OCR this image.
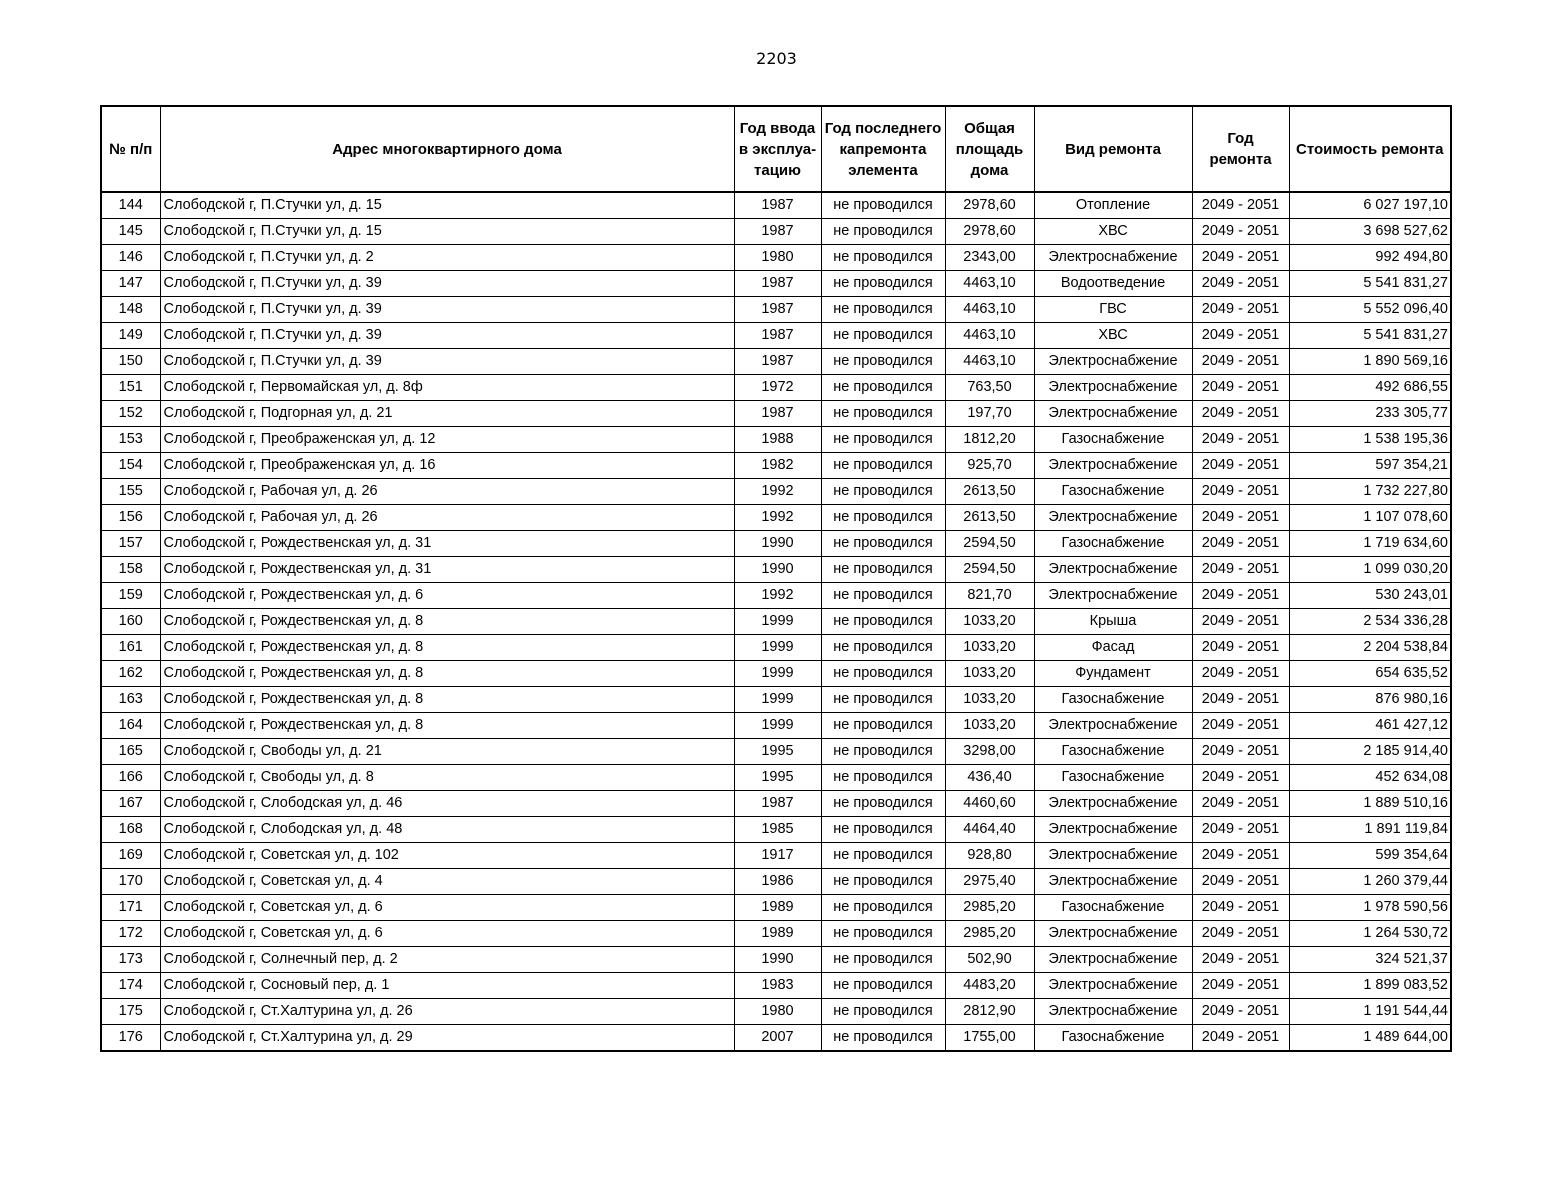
2203
№ п/п	Адрес многоквартирного дома	Год ввода в эксплуа-тацию	Год последнего капремонта элемента	Общая площадь дома	Вид ремонта	Год ремонта	Стоимость ремонта
144	Слободской г, П.Стучки ул, д. 15	1987	не проводился	2978,60	Отопление	2049 - 2051	6 027 197,10
145	Слободской г, П.Стучки ул, д. 15	1987	не проводился	2978,60	ХВС	2049 - 2051	3 698 527,62
146	Слободской г, П.Стучки ул, д. 2	1980	не проводился	2343,00	Электроснабжение	2049 - 2051	992 494,80
147	Слободской г, П.Стучки ул, д. 39	1987	не проводился	4463,10	Водоотведение	2049 - 2051	5 541 831,27
148	Слободской г, П.Стучки ул, д. 39	1987	не проводился	4463,10	ГВС	2049 - 2051	5 552 096,40
149	Слободской г, П.Стучки ул, д. 39	1987	не проводился	4463,10	ХВС	2049 - 2051	5 541 831,27
150	Слободской г, П.Стучки ул, д. 39	1987	не проводился	4463,10	Электроснабжение	2049 - 2051	1 890 569,16
151	Слободской г, Первомайская ул, д. 8ф	1972	не проводился	763,50	Электроснабжение	2049 - 2051	492 686,55
152	Слободской г, Подгорная ул, д. 21	1987	не проводился	197,70	Электроснабжение	2049 - 2051	233 305,77
153	Слободской г, Преображенская ул, д. 12	1988	не проводился	1812,20	Газоснабжение	2049 - 2051	1 538 195,36
154	Слободской г, Преображенская ул, д. 16	1982	не проводился	925,70	Электроснабжение	2049 - 2051	597 354,21
155	Слободской г, Рабочая ул, д. 26	1992	не проводился	2613,50	Газоснабжение	2049 - 2051	1 732 227,80
156	Слободской г, Рабочая ул, д. 26	1992	не проводился	2613,50	Электроснабжение	2049 - 2051	1 107 078,60
157	Слободской г, Рождественская ул, д. 31	1990	не проводился	2594,50	Газоснабжение	2049 - 2051	1 719 634,60
158	Слободской г, Рождественская ул, д. 31	1990	не проводился	2594,50	Электроснабжение	2049 - 2051	1 099 030,20
159	Слободской г, Рождественская ул, д. 6	1992	не проводился	821,70	Электроснабжение	2049 - 2051	530 243,01
160	Слободской г, Рождественская ул, д. 8	1999	не проводился	1033,20	Крыша	2049 - 2051	2 534 336,28
161	Слободской г, Рождественская ул, д. 8	1999	не проводился	1033,20	Фасад	2049 - 2051	2 204 538,84
162	Слободской г, Рождественская ул, д. 8	1999	не проводился	1033,20	Фундамент	2049 - 2051	654 635,52
163	Слободской г, Рождественская ул, д. 8	1999	не проводился	1033,20	Газоснабжение	2049 - 2051	876 980,16
164	Слободской г, Рождественская ул, д. 8	1999	не проводился	1033,20	Электроснабжение	2049 - 2051	461 427,12
165	Слободской г, Свободы ул, д. 21	1995	не проводился	3298,00	Газоснабжение	2049 - 2051	2 185 914,40
166	Слободской г, Свободы ул, д. 8	1995	не проводился	436,40	Газоснабжение	2049 - 2051	452 634,08
167	Слободской г, Слободская ул, д. 46	1987	не проводился	4460,60	Электроснабжение	2049 - 2051	1 889 510,16
168	Слободской г, Слободская ул, д. 48	1985	не проводился	4464,40	Электроснабжение	2049 - 2051	1 891 119,84
169	Слободской г, Советская ул, д. 102	1917	не проводился	928,80	Электроснабжение	2049 - 2051	599 354,64
170	Слободской г, Советская ул, д. 4	1986	не проводился	2975,40	Электроснабжение	2049 - 2051	1 260 379,44
171	Слободской г, Советская ул, д. 6	1989	не проводился	2985,20	Газоснабжение	2049 - 2051	1 978 590,56
172	Слободской г, Советская ул, д. 6	1989	не проводился	2985,20	Электроснабжение	2049 - 2051	1 264 530,72
173	Слободской г, Солнечный пер, д. 2	1990	не проводился	502,90	Электроснабжение	2049 - 2051	324 521,37
174	Слободской г, Сосновый пер, д. 1	1983	не проводился	4483,20	Электроснабжение	2049 - 2051	1 899 083,52
175	Слободской г, Ст.Халтурина ул, д. 26	1980	не проводился	2812,90	Электроснабжение	2049 - 2051	1 191 544,44
176	Слободской г, Ст.Халтурина ул, д. 29	2007	не проводился	1755,00	Газоснабжение	2049 - 2051	1 489 644,00
